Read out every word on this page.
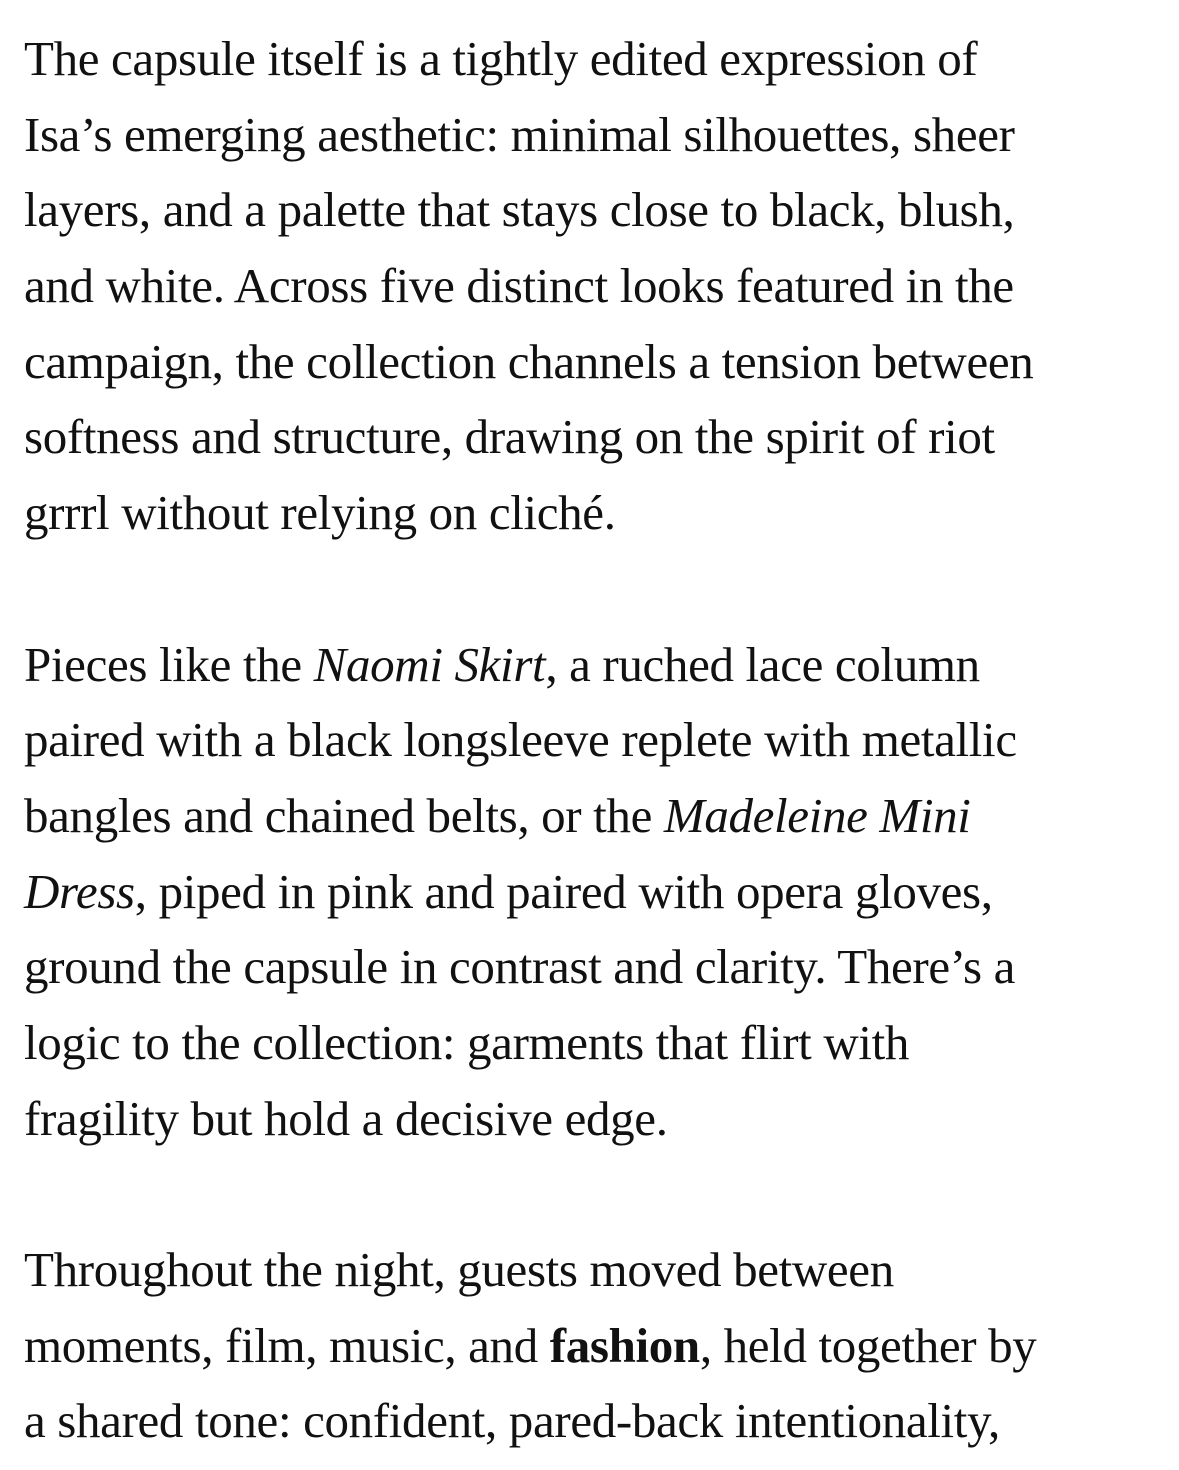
The capsule itself is a tightly edited expression of
Isa’s emerging aesthetic: minimal silhouettes, sheer
layers, and a palette that stays close to black, blush,
and white. Across five distinct looks featured in the
campaign, the collection channels a tension between
softness and structure, drawing on the spirit of riot
grrrl without relying on cliché.

Pieces like the Naomi Skirt, a ruched lace column
paired with a black longsleeve replete with metallic
bangles and chained belts, or the Madeleine Mini
Dress, piped in pink and paired with opera gloves,
ground the capsule in contrast and clarity. There’s a
logic to the collection: garments that flirt with
fragility but hold a decisive edge.

Throughout the night, guests moved between
moments, film, music, and fashion, held together by
a shared tone: confident, pared-back intentionality,
